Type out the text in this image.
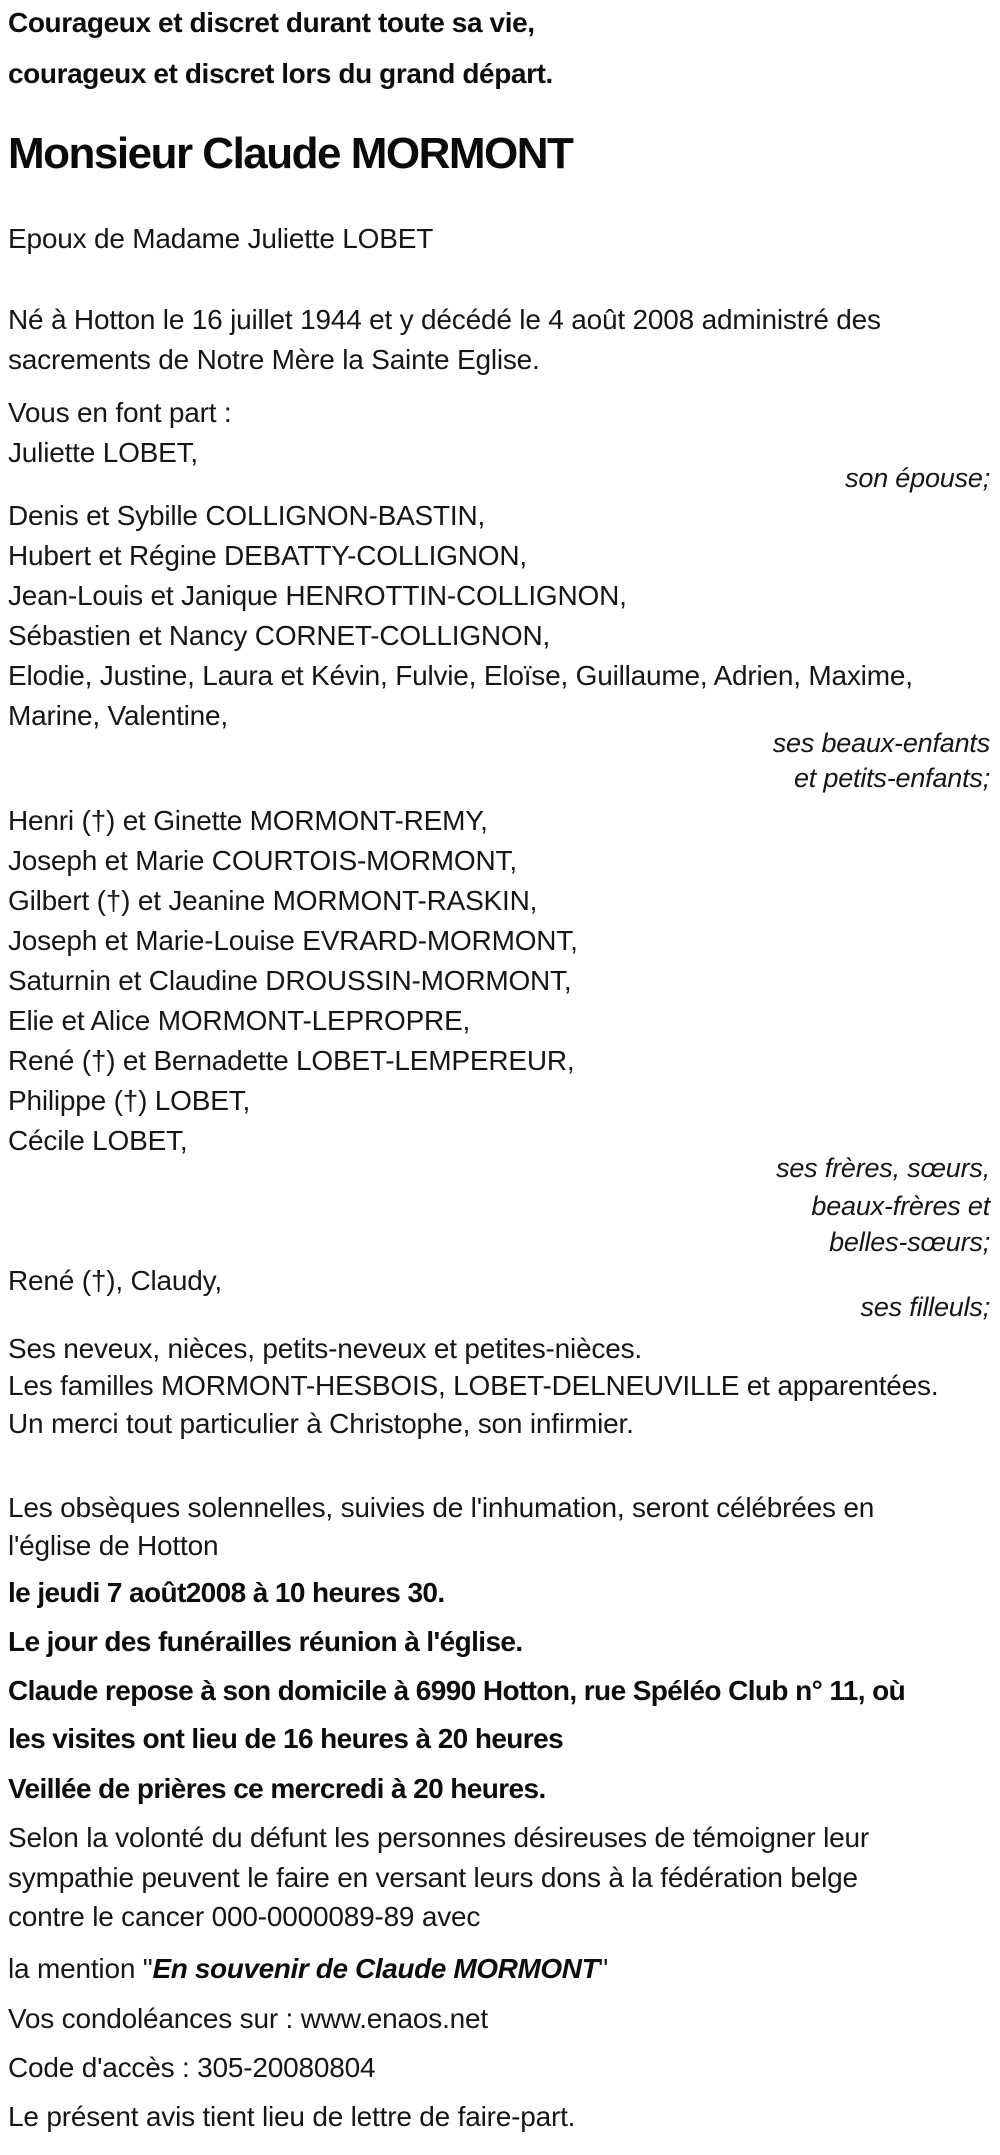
Courageux et discret durant toute sa vie,
courageux et discret lors du grand départ.
Monsieur Claude MORMONT
Epoux de Madame Juliette LOBET
Né à Hotton le 16 juillet 1944 et y décédé le 4 août 2008 administré des
sacrements de Notre Mère la Sainte Eglise.
Vous en font part :
Juliette LOBET,
son épouse;
Denis et Sybille COLLIGNON-BASTIN,
Hubert et Régine DEBATTY-COLLIGNON,
Jean-Louis et Janique HENROTTIN-COLLIGNON,
Sébastien et Nancy CORNET-COLLIGNON,
Elodie, Justine, Laura et Kévin, Fulvie, Eloïse, Guillaume, Adrien, Maxime,
Marine, Valentine,
ses beaux-enfants
et petits-enfants;
Henri (†) et Ginette MORMONT-REMY,
Joseph et Marie COURTOIS-MORMONT,
Gilbert (†) et Jeanine MORMONT-RASKIN,
Joseph et Marie-Louise EVRARD-MORMONT,
Saturnin et Claudine DROUSSIN-MORMONT,
Elie et Alice MORMONT-LEPROPRE,
René (†) et Bernadette LOBET-LEMPEREUR,
Philippe (†) LOBET,
Cécile LOBET,
ses frères, sœurs,
beaux-frères et
belles-sœurs;
René (†), Claudy,
ses filleuls;
Ses neveux, nièces, petits-neveux et petites-nièces.
Les familles MORMONT-HESBOIS, LOBET-DELNEUVILLE et apparentées.
Un merci tout particulier à Christophe, son infirmier.
Les obsèques solennelles, suivies de l'inhumation, seront célébrées en
l'église de Hotton
le jeudi 7 août2008 à 10 heures 30.
Le jour des funérailles réunion à l'église.
Claude repose à son domicile à 6990 Hotton, rue Spéléo Club n° 11, où
les visites ont lieu de 16 heures à 20 heures
Veillée de prières ce mercredi à 20 heures.
Selon la volonté du défunt les personnes désireuses de témoigner leur
sympathie peuvent le faire en versant leurs dons à la fédération belge
contre le cancer 000-0000089-89 avec
la mention "En souvenir de Claude MORMONT"
Vos condoléances sur : www.enaos.net
Code d'accès : 305-20080804
Le présent avis tient lieu de lettre de faire-part.
